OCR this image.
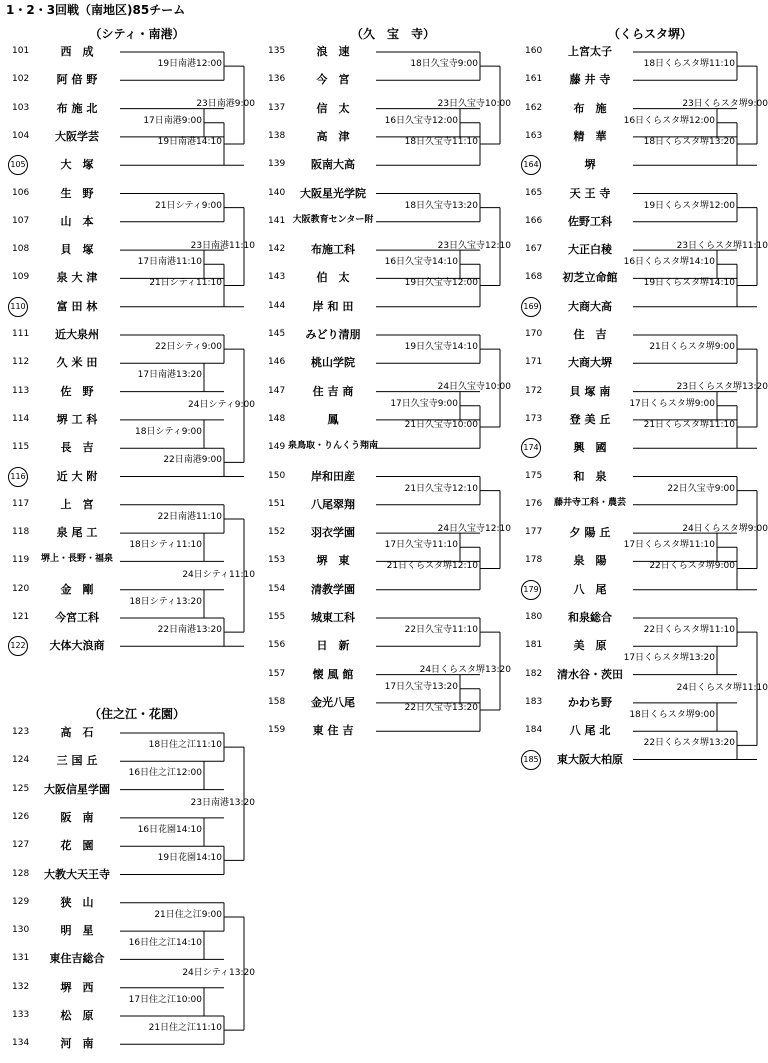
1・2・3回戦（南地区)85チーム
（シティ・南港）
101	西　成
102 阿 倍 野
103 布 施 北
104 大阪学芸
105	大　塚
106	生　野
107	山　本
108	貝　塚
109 泉 大 津
110	富 田 林
111 近大泉州
112 久 米 田
113	佐　野
114 堺 工 科
115	長　吉
116	近 大 附
117	上　宮
118 泉 尾 工
119 堺上・長野・福泉
120	金　剛
121 今宮工科
122 大体大浪商
19日南港12:00
17日南港9:00
19日南港14:10
23日南港9:00
21日シティ9:00
17日南港11:10
21日シティ11:10
23日南港11:10
22日シティ9:00
17日南港13:20
18日シティ9:00
22日南港9:00
24日シティ9:00
22日南港11:10
18日シティ11:10
18日シティ13:20
22日南港13:20
24日シティ11:10
（住之江・花園）
123	高　石
124 三 国 丘
125 大阪信星学園
126	阪　南
127	花　園
128 大教大天王寺
129	狭　山
130	明　星
131 東住吉総合
132	堺　西
133	松　原
134	河　南
18日住之江11:10
16日住之江12:00
16日花園14:10
19日花園14:10
23日南港13:20
21日住之江9:00
16日住之江14:10
17日住之江10:00
21日住之江11:10
24日シティ13:20
（久　宝　寺）
135	浪　速
136	今　宮
137	信　太
138	高　津
139 阪南大高
140 大阪星光学院
141 大阪教育センター附
142 布施工科
143	伯　太
144 岸 和 田
145 みどり清朋
146 桃山学院
147 住 吉 商
148	鳳
149 泉鳥取・りんくう翔南
150 岸和田産
151 八尾翠翔
152 羽衣学園
153	堺　東
154 清教学園
155 城東工科
156	日　新
157 懐 風 館
158 金光八尾
159 東 住 吉
18日久宝寺9:00
16日久宝寺12:00
18日久宝寺11:10
23日久宝寺10:00
18日久宝寺13:20
16日久宝寺14:10
19日久宝寺12:00
23日久宝寺12:10
19日久宝寺14:10
17日久宝寺9:00
21日久宝寺10:00
24日久宝寺10:00
21日久宝寺12:10
17日久宝寺11:10
21日くらスタ堺12:10
24日久宝寺12:10
22日久宝寺11:10
17日久宝寺13:20
22日久宝寺13:20
24日くらスタ堺13:20
（くらスタ堺）
160 上宮太子
161 藤 井 寺
162	布　施
163	精　華
164	堺
165 天 王 寺
166 佐野工科
167 大正白稜
168 初芝立命館
169	大商大高
170	住　吉
171 大商大堺
172 貝 塚 南
173 登 美 丘
174	興　國
175	和　泉
176 藤井寺工科・農芸
177 夕 陽 丘
178	泉　陽
179	八　尾
180 和泉総合
181	美　原
182 清水谷・茨田
183 かわち野
184 八 尾 北
185 東大阪大柏原
18日くらスタ堺11:10
16日くらスタ堺12:00
18日くらスタ堺13:20
23日くらスタ堺9:00
19日くらスタ堺12:00
16日くらスタ堺14:10
19日くらスタ堺14:10
23日くらスタ堺11:10
21日くらスタ堺9:00
17日くらスタ堺9:00
21日くらスタ堺11:10
23日くらスタ堺13:20
22日久宝寺9:00
17日くらスタ堺11:10
22日くらスタ堺9:00
24日くらスタ堺9:00
22日くらスタ堺11:10
17日くらスタ堺13:20
18日くらスタ堺9:00
22日くらスタ堺13:20
24日くらスタ堺11:10
